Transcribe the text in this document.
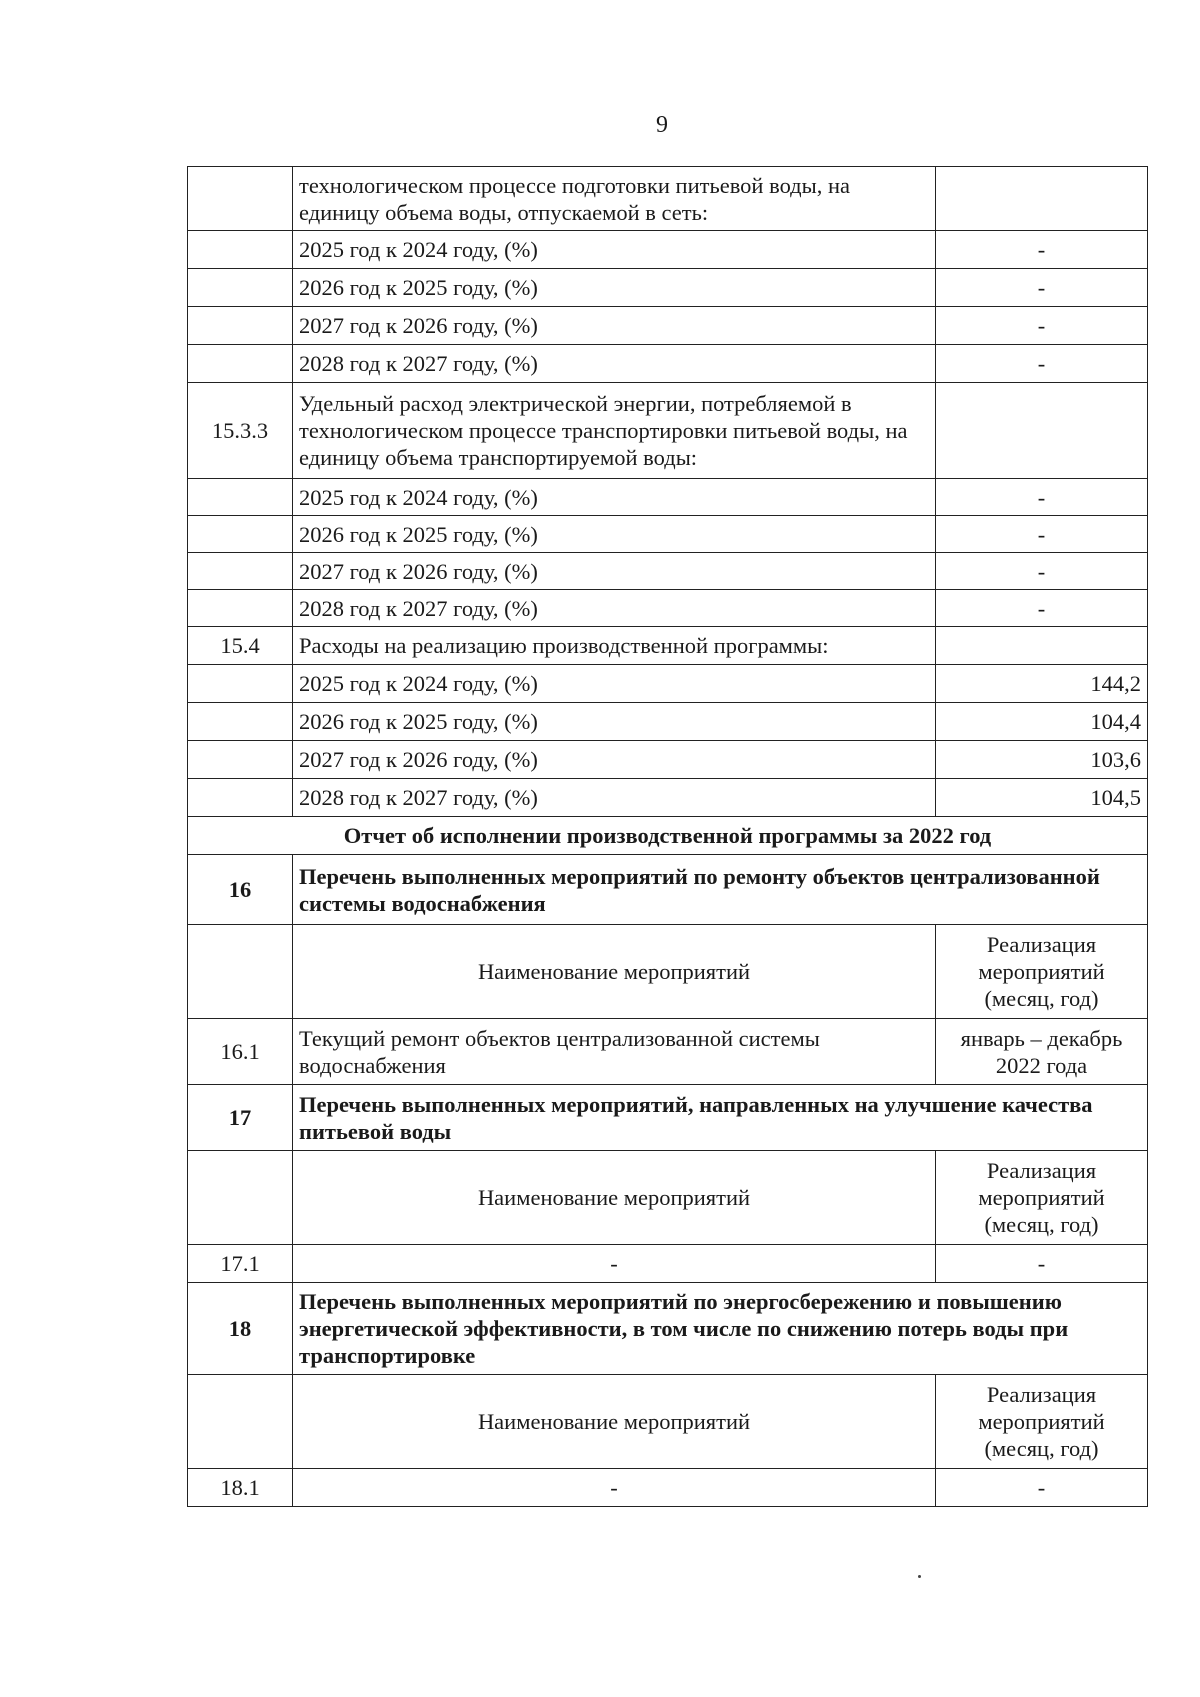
9
	технологическом процессе подготовки питьевой воды, на единицу объема воды, отпускаемой в сеть:	
	2025 год к 2024 году, (%)	-
	2026 год к 2025 году, (%)	-
	2027 год к 2026 году, (%)	-
	2028 год к 2027 году, (%)	-
15.3.3	Удельный расход электрической энергии, потребляемой в технологическом процессе транспортировки питьевой воды, на единицу объема транспортируемой воды:	
	2025 год к 2024 году, (%)	-
	2026 год к 2025 году, (%)	-
	2027 год к 2026 году, (%)	-
	2028 год к 2027 году, (%)	-
15.4	Расходы на реализацию производственной программы:	
	2025 год к 2024 году, (%)	144,2
	2026 год к 2025 году, (%)	104,4
	2027 год к 2026 году, (%)	103,6
	2028 год к 2027 году, (%)	104,5
Отчет об исполнении производственной программы за 2022 год		
16	Перечень выполненных мероприятий по ремонту объектов централизованной системы водоснабжения	
	Наименование мероприятий	Реализация мероприятий (месяц, год)
16.1	Текущий ремонт объектов централизованной системы водоснабжения	январь – декабрь 2022 года
17	Перечень выполненных мероприятий, направленных на улучшение качества питьевой воды	
	Наименование мероприятий	Реализация мероприятий (месяц, год)
17.1	-	-
18	Перечень выполненных мероприятий по энергосбережению и повышению энергетической эффективности, в том числе по снижению потерь воды при транспортировке	
	Наименование мероприятий	Реализация мероприятий (месяц, год)
18.1	-	-
